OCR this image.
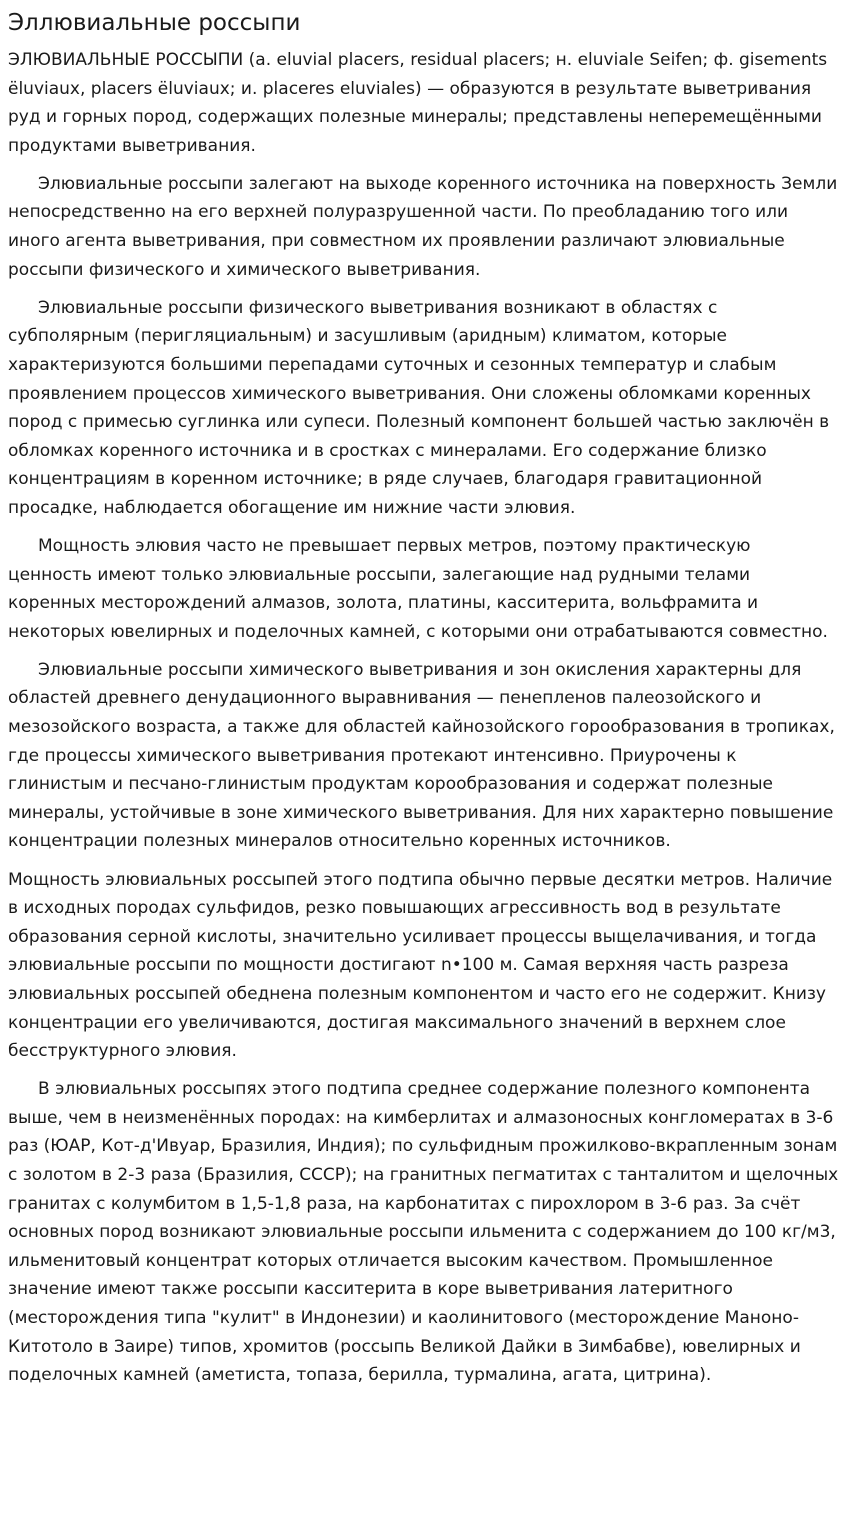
Эллювиальные россыпи

ЭЛЮВИАЛЬНЫЕ РОССЫПИ (a. eluvial placers, residual placers; н. eluviale Seifen; ф. gisements ёluviaux, placers ёluviaux; и. placeres eluviales) — образуются в результате выветривания руд и горных пород, содержащих полезные минералы; представлены неперемещёнными продуктами выветривания.

Элювиальные россыпи залегают на выходе коренного источника на поверхность Земли непосредственно на его верхней полуразрушенной части. По преобладанию того или иного агента выветривания, при совместном их проявлении различают элювиальные россыпи физического и химического выветривания.

Элювиальные россыпи физического выветривания возникают в областях с субполярным (перигляциальным) и засушливым (аридным) климатом, которые характеризуются большими перепадами суточных и сезонных температур и слабым проявлением процессов химического выветривания. Они сложены обломками коренных пород с примесью суглинка или супеси. Полезный компонент большей частью заключён в обломках коренного источника и в сростках с минералами. Его содержание близко концентрациям в коренном источнике; в ряде случаев, благодаря гравитационной просадке, наблюдается обогащение им нижние части элювия.

Мощность элювия часто не превышает первых метров, поэтому практическую ценность имеют только элювиальные россыпи, залегающие над рудными телами коренных месторождений алмазов, золота, платины, касситерита, вольфрамита и некоторых ювелирных и поделочных камней, с которыми они отрабатываются совместно.

Элювиальные россыпи химического выветривания и зон окисления характерны для областей древнего денудационного выравнивания — пенепленов палеозойского и мезозойского возраста, а также для областей кайнозойского горообразования в тропиках, где процессы химического выветривания протекают интенсивно. Приурочены к глинистым и песчано-глинистым продуктам корообразования и содержат полезные минералы, устойчивые в зоне химического выветривания. Для них характерно повышение концентрации полезных минералов относительно коренных источников.

Мощность элювиальных россыпей этого подтипа обычно первые десятки метров. Наличие в исходных породах сульфидов, резко повышающих агрессивность вод в результате образования серной кислоты, значительно усиливает процессы выщелачивания, и тогда элювиальные россыпи по мощности достигают n•100 м. Самая верхняя часть разреза элювиальных россыпей обеднена полезным компонентом и часто его не содержит. Книзу концентрации его увеличиваются, достигая максимального значений в верхнем слое бесструктурного элювия.

В элювиальных россыпях этого подтипа среднее содержание полезного компонента выше, чем в неизменённых породах: на кимберлитах и алмазоносных конгломератах в 3-6 раз (ЮАР, Кот-д'Ивуар, Бразилия, Индия); по сульфидным прожилково-вкрапленным зонам с золотом в 2-3 раза (Бразилия, СССР); на гранитных пегматитах с танталитом и щелочных гранитах с колумбитом в 1,5-1,8 раза, на карбонатитах с пирохлором в 3-6 раз. За счёт основных пород возникают элювиальные россыпи ильменита с содержанием до 100 кг/м3, ильменитовый концентрат которых отличается высоким качеством. Промышленное значение имеют также россыпи касситерита в коре выветривания латеритного (месторождения типа "кулит" в Индонезии) и каолинитового (месторождение Маноно-Китотоло в Заире) типов, хромитов (россыпь Великой Дайки в Зимбабве), ювелирных и поделочных камней (аметиста, топаза, берилла, турмалина, агата, цитрина).
